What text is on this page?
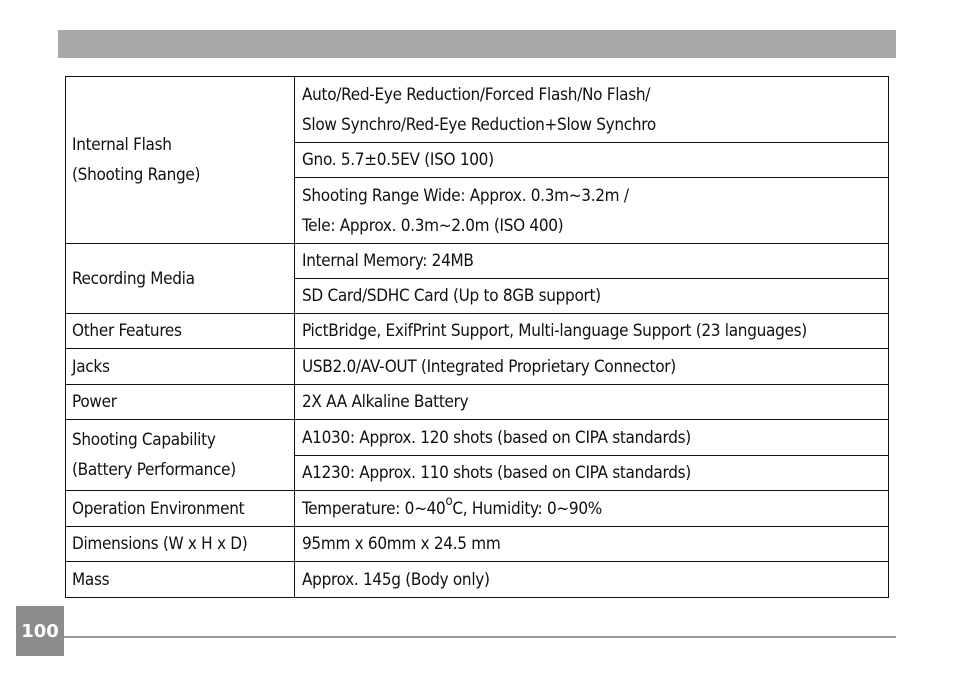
Internal Flash
(Shooting Range)	Auto/Red-Eye Reduction/Forced Flash/No Flash/
Slow Synchro/Red-Eye Reduction+Slow Synchro

	Gno. 5.7±0.5EV (ISO 100)

	Shooting Range Wide: Approx. 0.3m~3.2m /
Tele: Approx. 0.3m~2.0m (ISO 400)

Recording Media	Internal Memory: 24MB
	SD Card/SDHC Card (Up to 8GB support)
Other Features	PictBridge, ExifPrint Support, Multi-language Support (23 languages)
Jacks	USB2.0/AV-OUT (Integrated Proprietary Connector)
Power	2X AA Alkaline Battery

Shooting Capability
(Battery Performance)	A1030: Approx. 120 shots (based on CIPA standards)
	A1230: Approx. 110 shots (based on CIPA standards)
Operation Environment	Temperature: 0~40$^o$C, Humidity: 0~90%
Dimensions (W x H x D)	95mm x 60mm x 24.5 mm
Mass	Approx. 145g (Body only)
100
